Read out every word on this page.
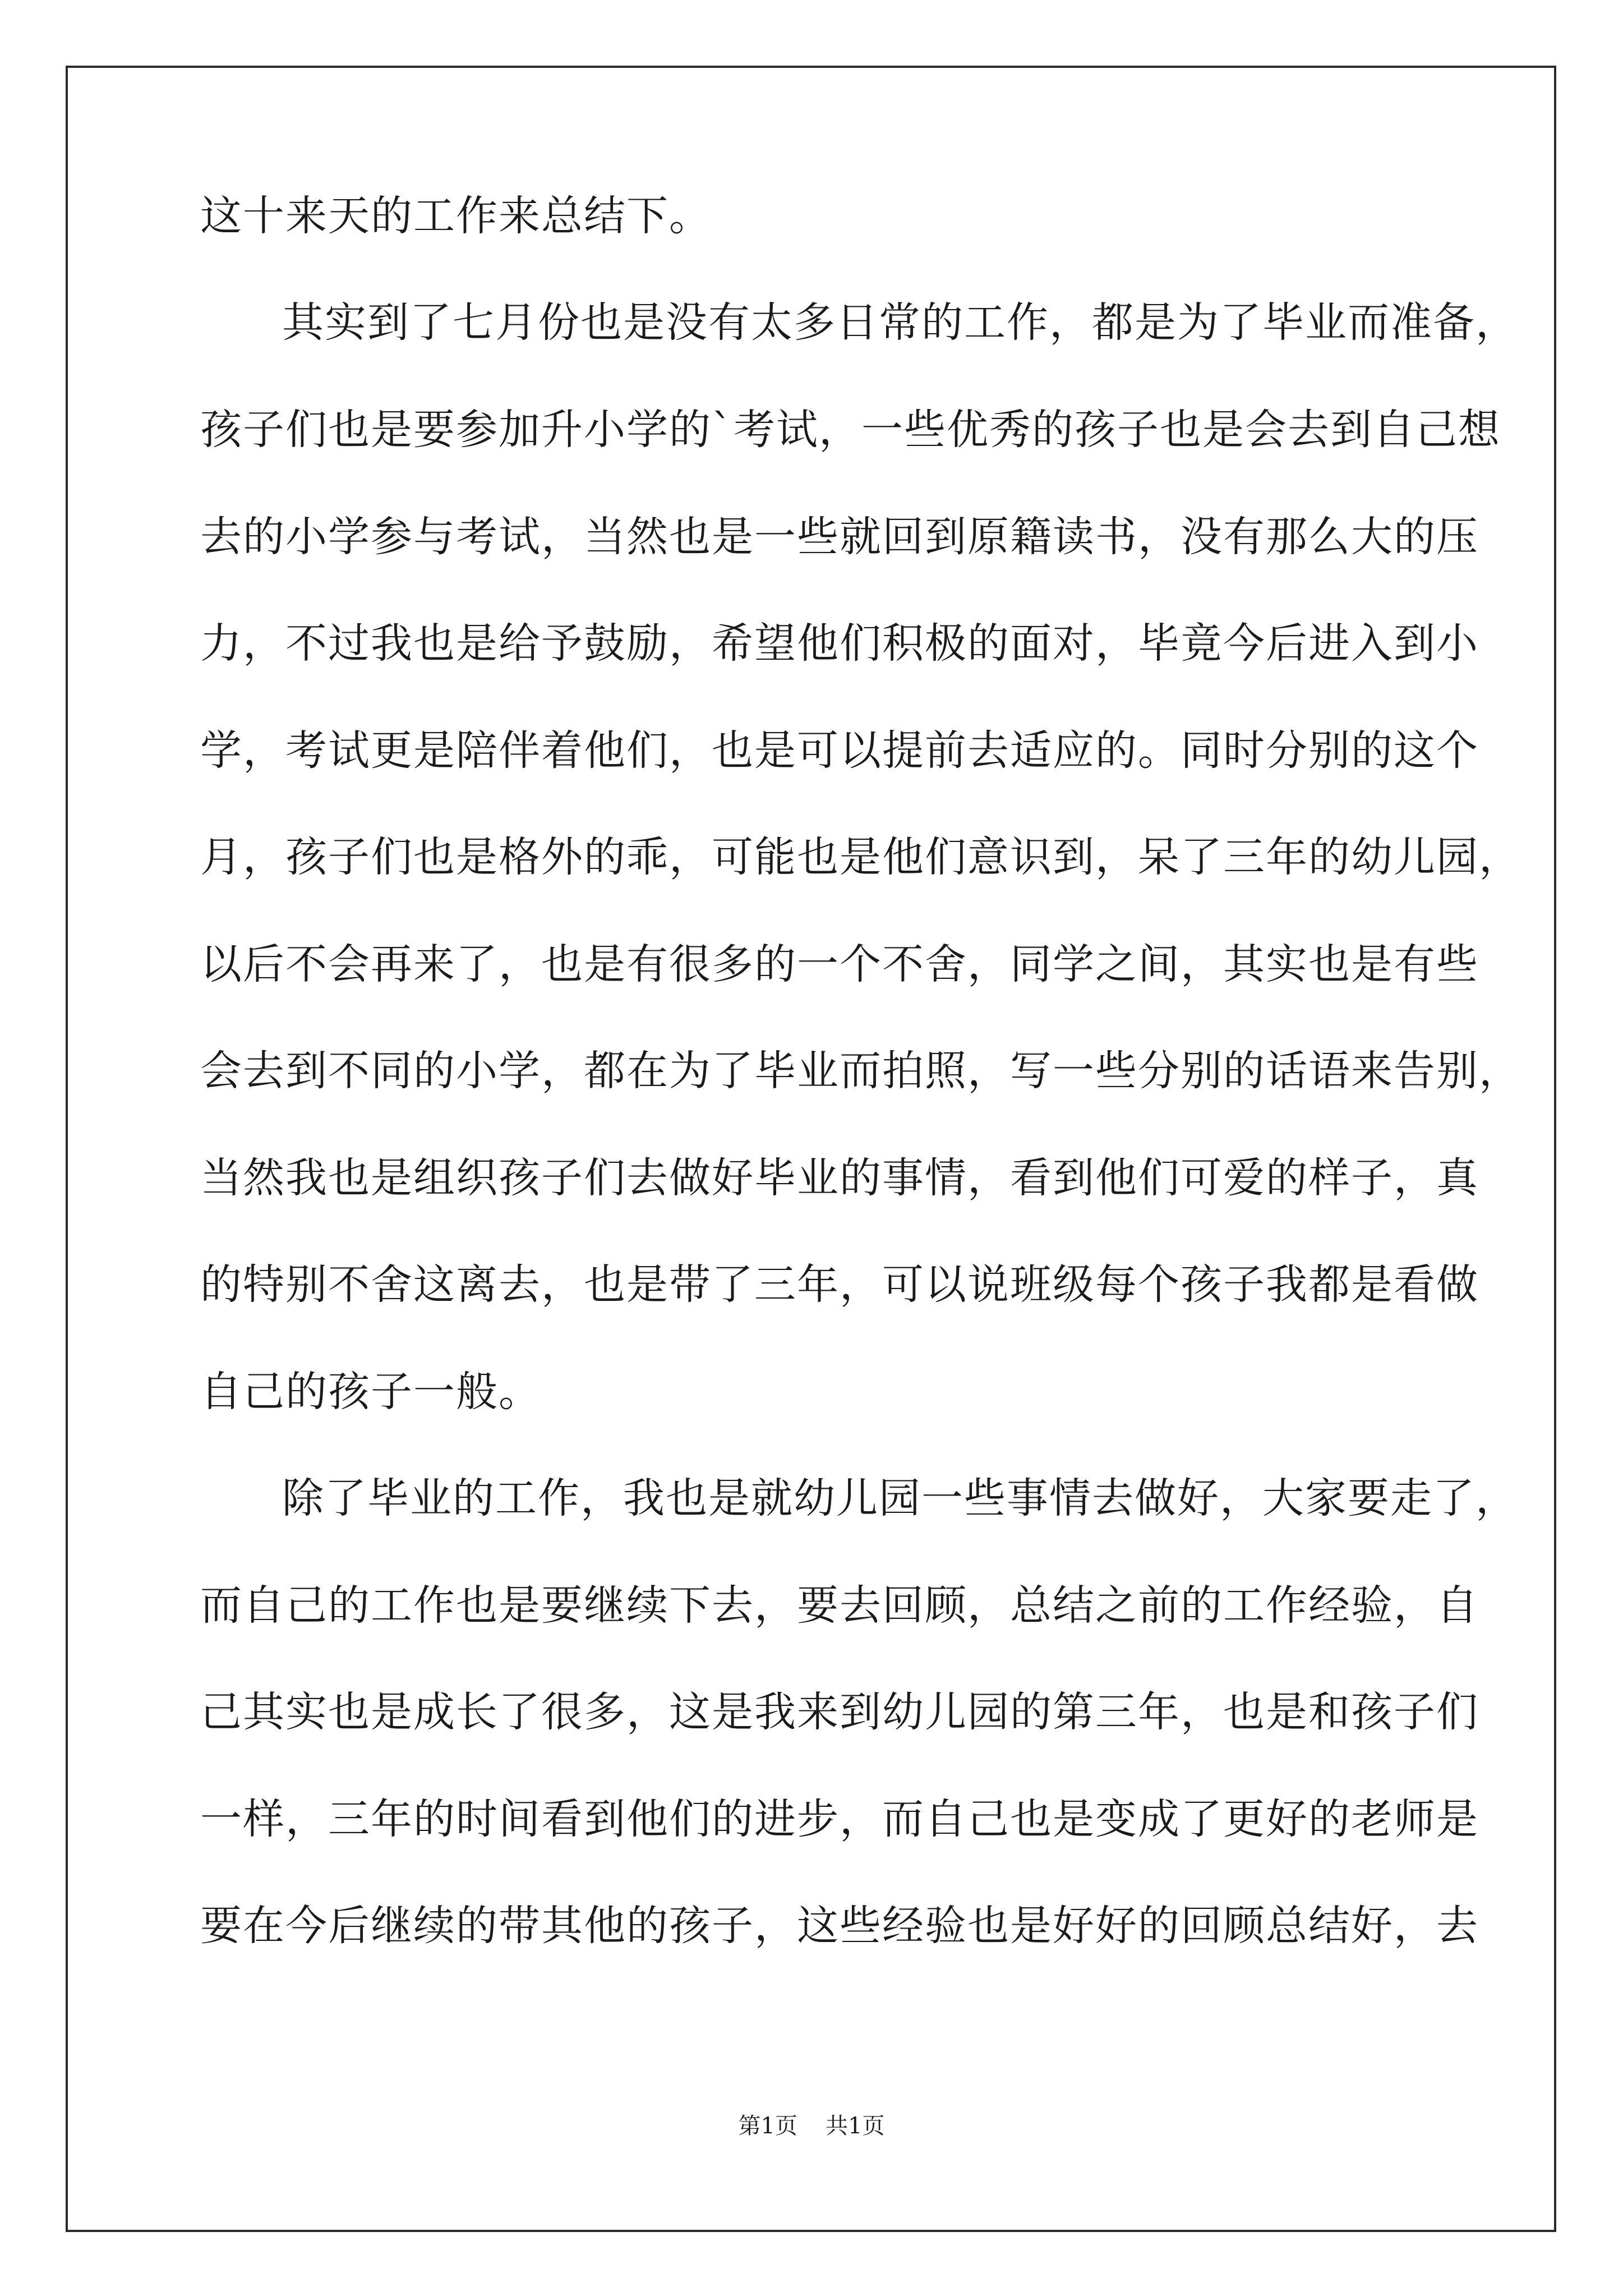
这十来天的工作来总结下。
其实到了七月份也是没有太多日常的工作，都是为了毕业而准备，
孩子们也是要参加升小学的`考试，一些优秀的孩子也是会去到自己想
去的小学参与考试，当然也是一些就回到原籍读书，没有那么大的压
力，不过我也是给予鼓励，希望他们积极的面对，毕竟今后进入到小
学，考试更是陪伴着他们，也是可以提前去适应的。同时分别的这个
月，孩子们也是格外的乖，可能也是他们意识到，呆了三年的幼儿园，
以后不会再来了，也是有很多的一个不舍，同学之间，其实也是有些
会去到不同的小学，都在为了毕业而拍照，写一些分别的话语来告别，
当然我也是组织孩子们去做好毕业的事情，看到他们可爱的样子，真
的特别不舍这离去，也是带了三年，可以说班级每个孩子我都是看做
自己的孩子一般。
除了毕业的工作，我也是就幼儿园一些事情去做好，大家要走了，
而自己的工作也是要继续下去，要去回顾，总结之前的工作经验，自
己其实也是成长了很多，这是我来到幼儿园的第三年，也是和孩子们
一样，三年的时间看到他们的进步，而自己也是变成了更好的老师是
要在今后继续的带其他的孩子，这些经验也是好好的回顾总结好，去
第1页 共1页
